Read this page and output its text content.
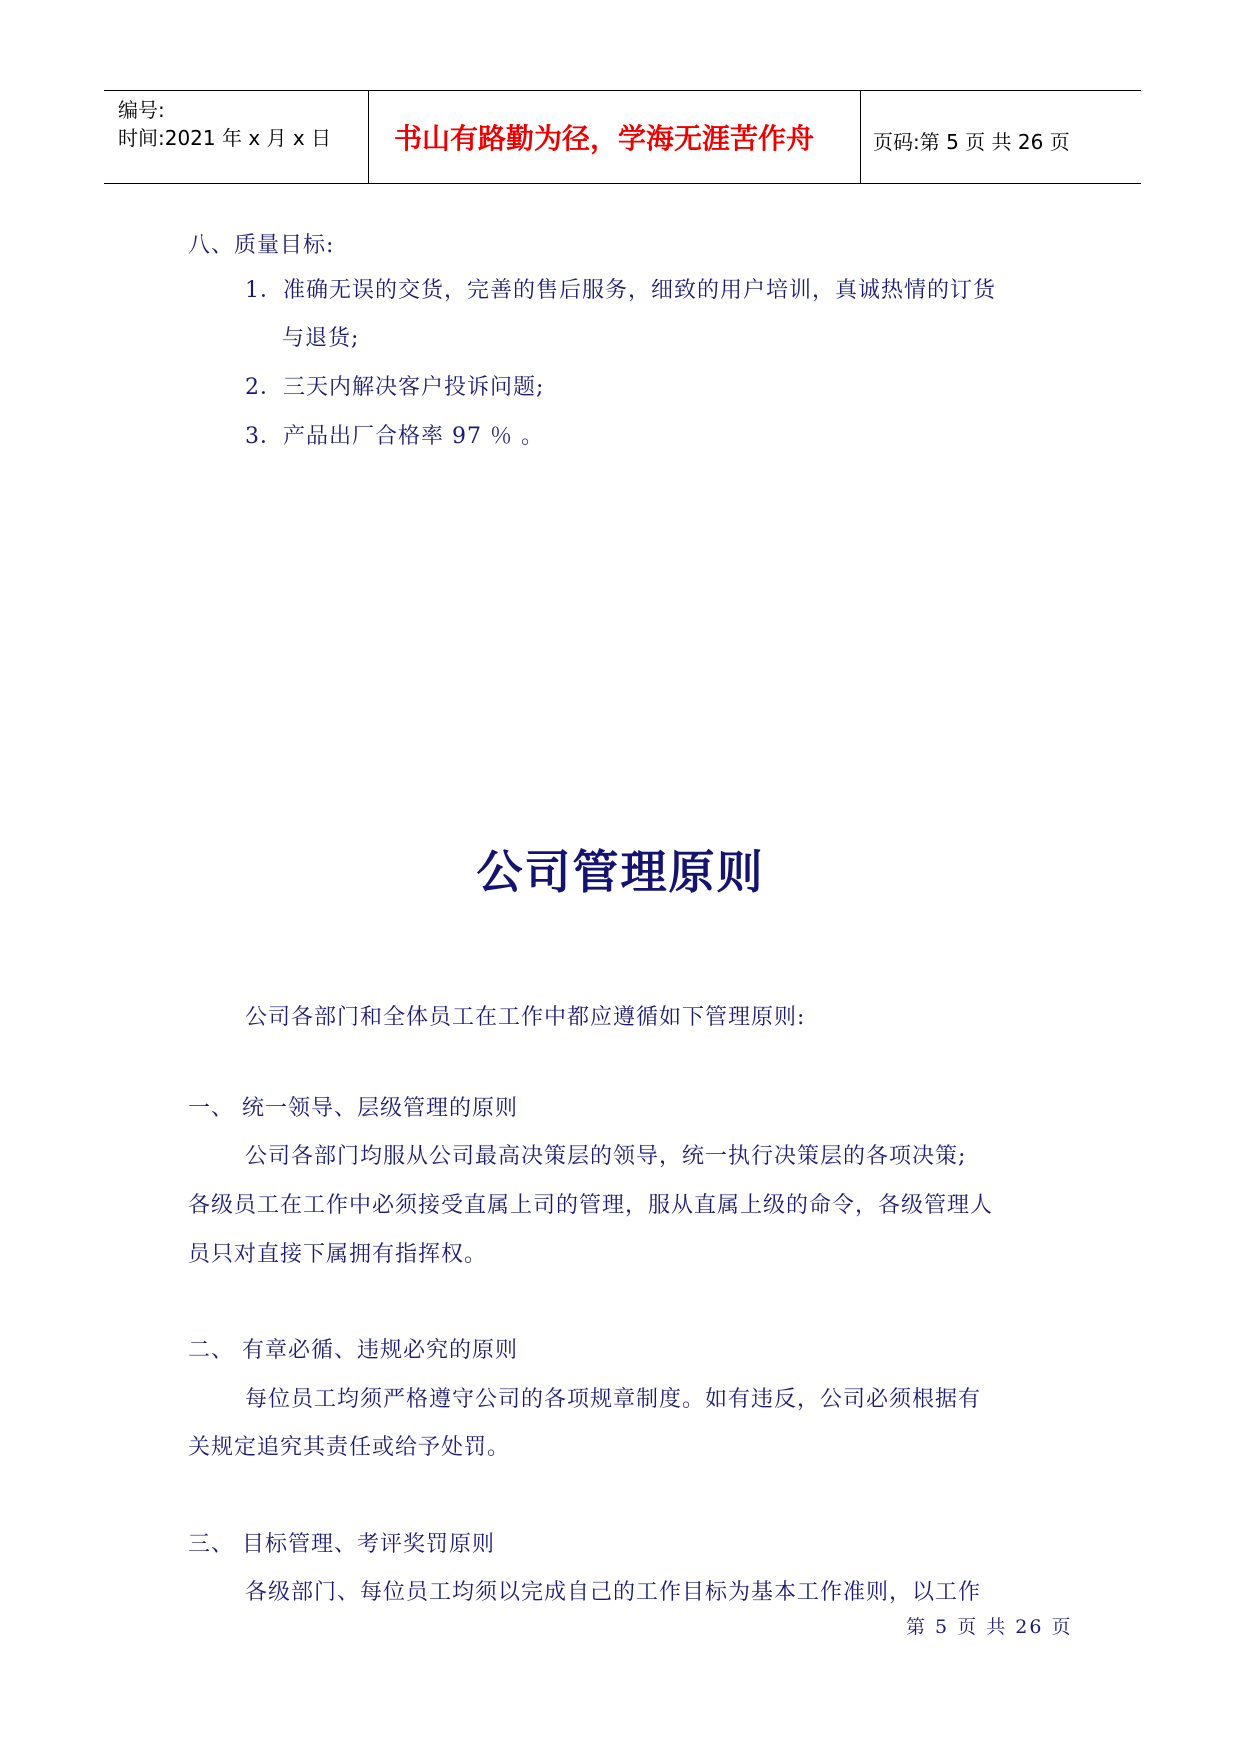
编号:
时间:2021 年 x 月 x 日 书山有路勤为径，学海无涯苦作舟	页码:第 5 页 共 26 页
八、质量目标:
1．准确无误的交货，完善的售后服务，细致的用户培训，真诚热情的订货
与退货;
2．三天内解决客户投诉问题;
3．产品出厂合格率 97 ％ 。
公司管理原则
公司各部门和全体员工在工作中都应遵循如下管理原则:
一、 统一领导、层级管理的原则
公司各部门均服从公司最高决策层的领导，统一执行决策层的各项决策;
各级员工在工作中必须接受直属上司的管理，服从直属上级的命令，各级管理人
员只对直接下属拥有指挥权。
二、 有章必循、违规必究的原则
每位员工均须严格遵守公司的各项规章制度。如有违反，公司必须根据有
关规定追究其责任或给予处罚。
三、 目标管理、考评奖罚原则
各级部门、每位员工均须以完成自己的工作目标为基本工作准则，以工作
第 5 页 共 26 页
